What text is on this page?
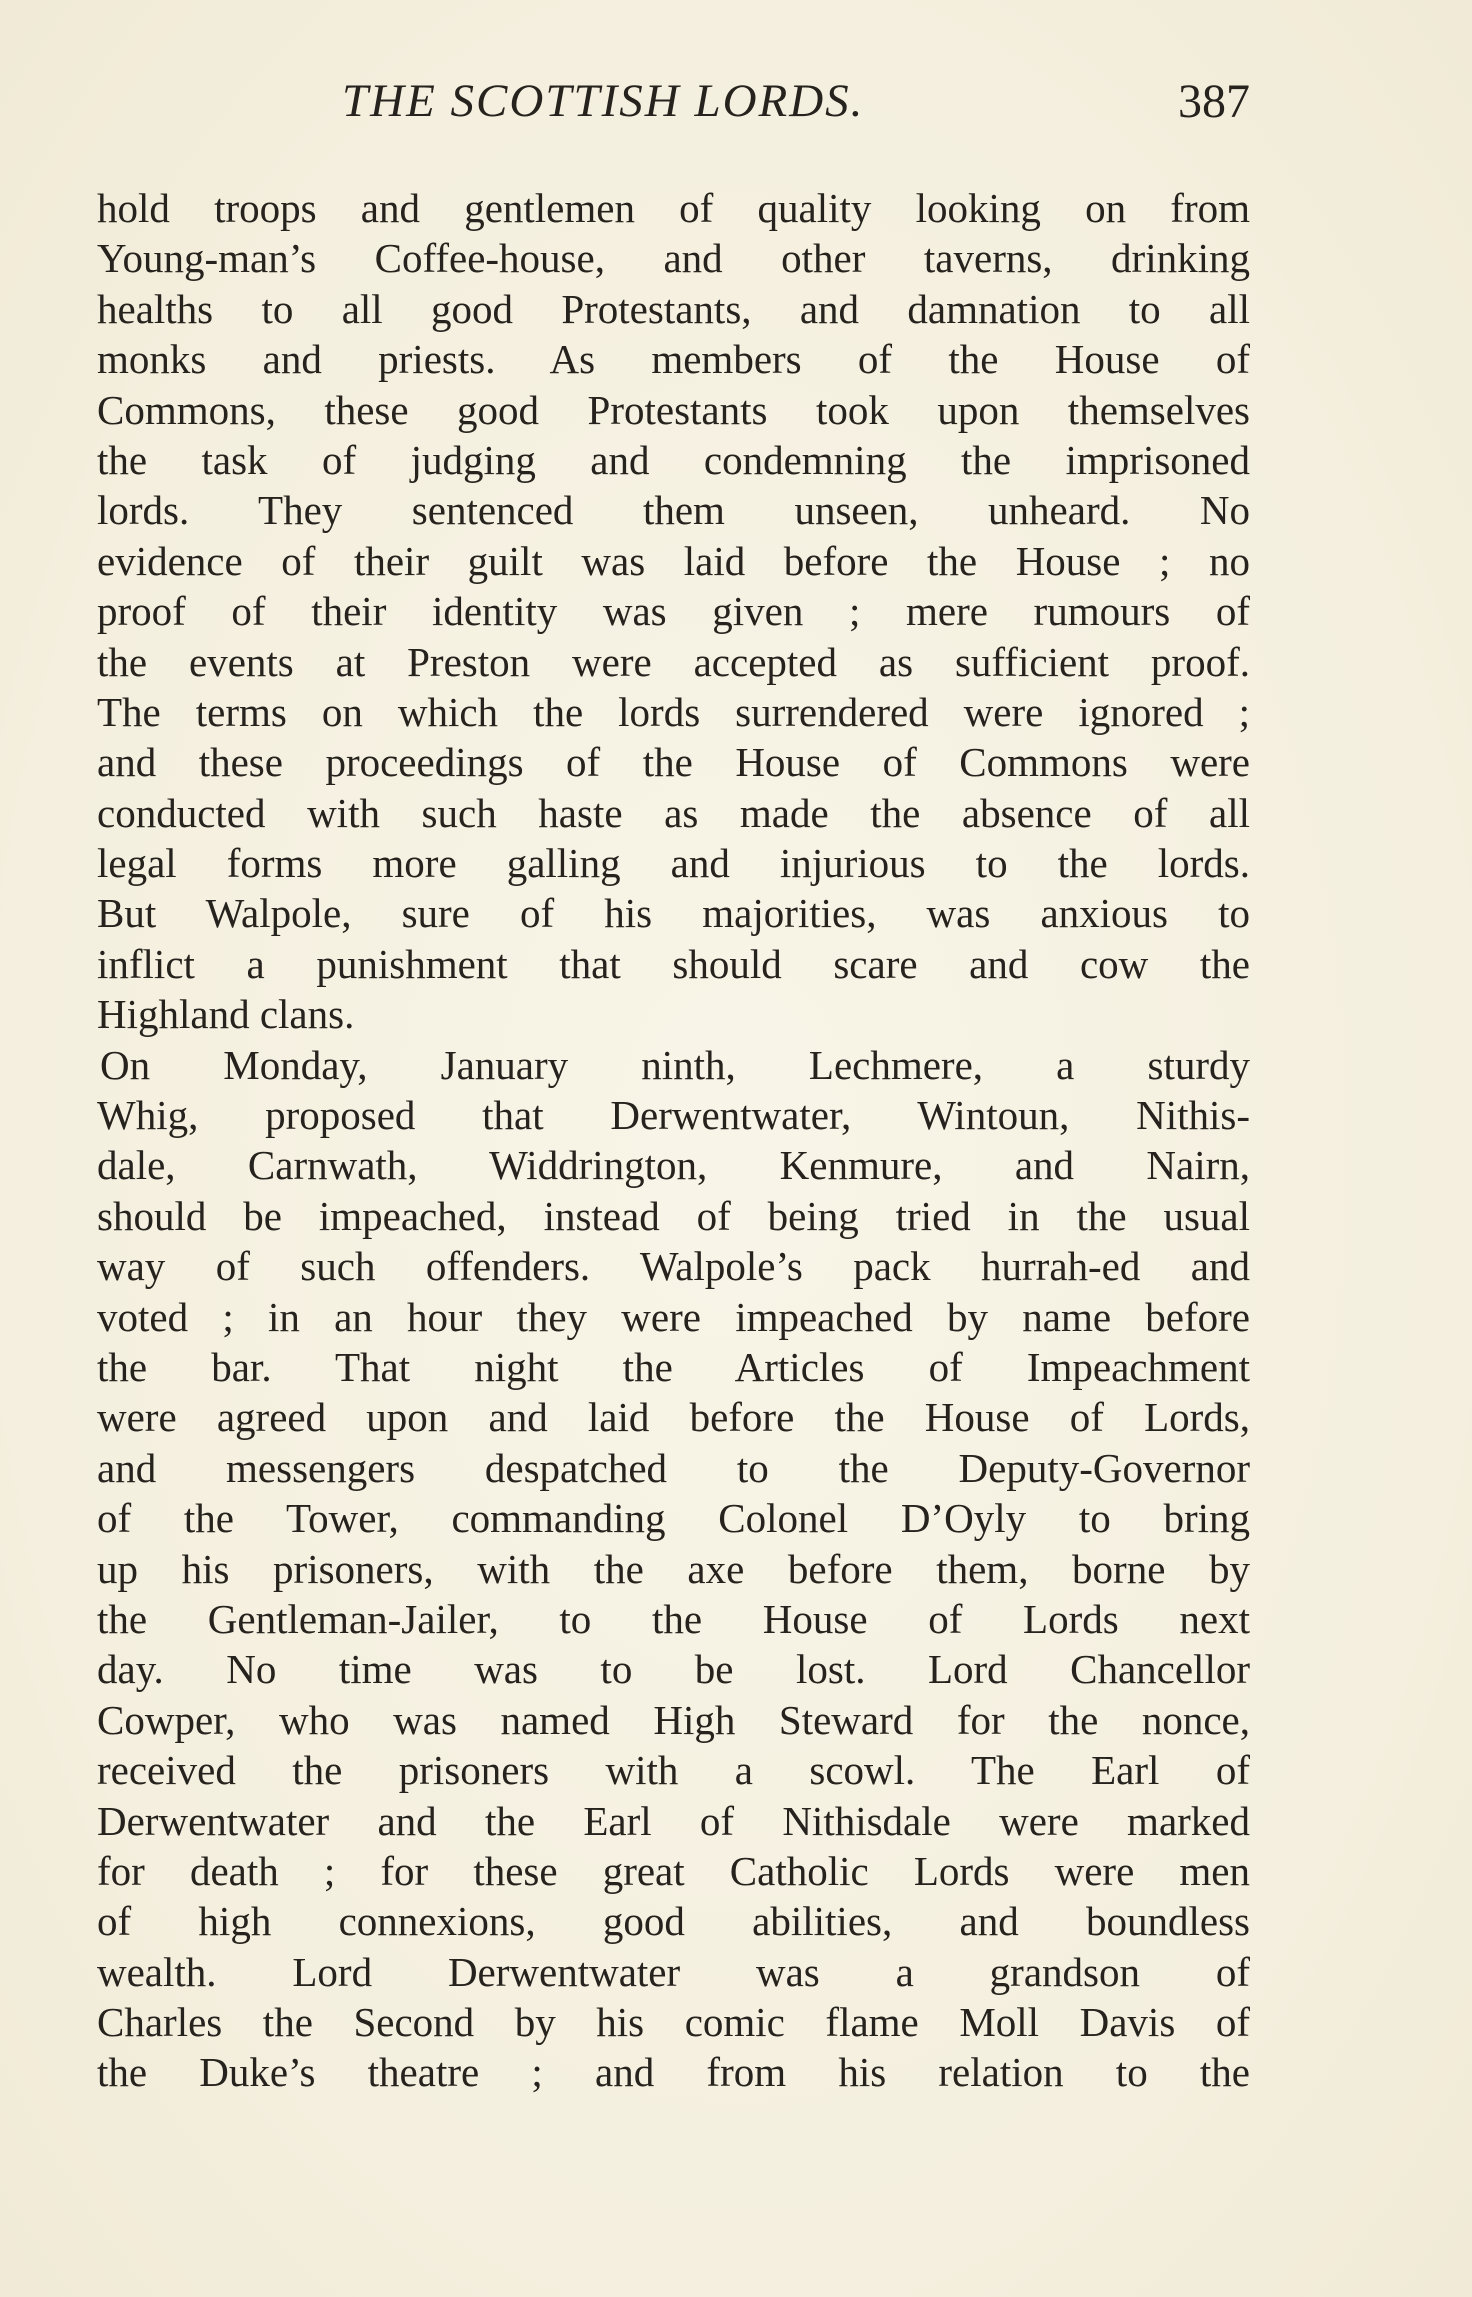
THE SCOTTISH LORDS.	387
hold troops and gentlemen of quality looking on from
Young-man’s Coffee-house, and other taverns, drinking
healths to all good Protestants, and damnation to all
monks and priests. As members of the House of
Commons, these good Protestants took upon themselves
the task of judging and condemning the imprisoned
lords. They sentenced them unseen, unheard. No
evidence of their guilt was laid before the House ; no
proof of their identity was given ; mere rumours of
the events at Preston were accepted as sufficient proof.
The terms on which the lords surrendered were ignored ;
and these proceedings of the House of Commons were
conducted with such haste as made the absence of all
legal forms more galling and injurious to the lords.
But Walpole, sure of his majorities, was anxious to
inflict a punishment that should scare and cow the
Highland clans.
On Monday, January ninth, Lechmere, a sturdy
Whig, proposed that Derwentwater, Wintoun, Nithis-
dale, Carnwath, Widdrington, Kenmure, and Nairn,
should be impeached, instead of being tried in the usual
way of such offenders. Walpole’s pack hurrah-ed and
voted ; in an hour they were impeached by name before
the bar. That night the Articles of Impeachment
were agreed upon and laid before the House of Lords,
and messengers despatched to the Deputy-Governor
of the Tower, commanding Colonel D’Oyly to bring
up his prisoners, with the axe before them, borne by
the Gentleman-Jailer, to the House of Lords next
day. No time was to be lost. Lord Chancellor
Cowper, who was named High Steward for the nonce,
received the prisoners with a scowl. The Earl of
Derwentwater and the Earl of Nithisdale were marked
for death ; for these great Catholic Lords were men
of high connexions, good abilities, and boundless
wealth. Lord Derwentwater was a grandson of
Charles the Second by his comic flame Moll Davis of
the Duke’s theatre ; and from his relation to the
